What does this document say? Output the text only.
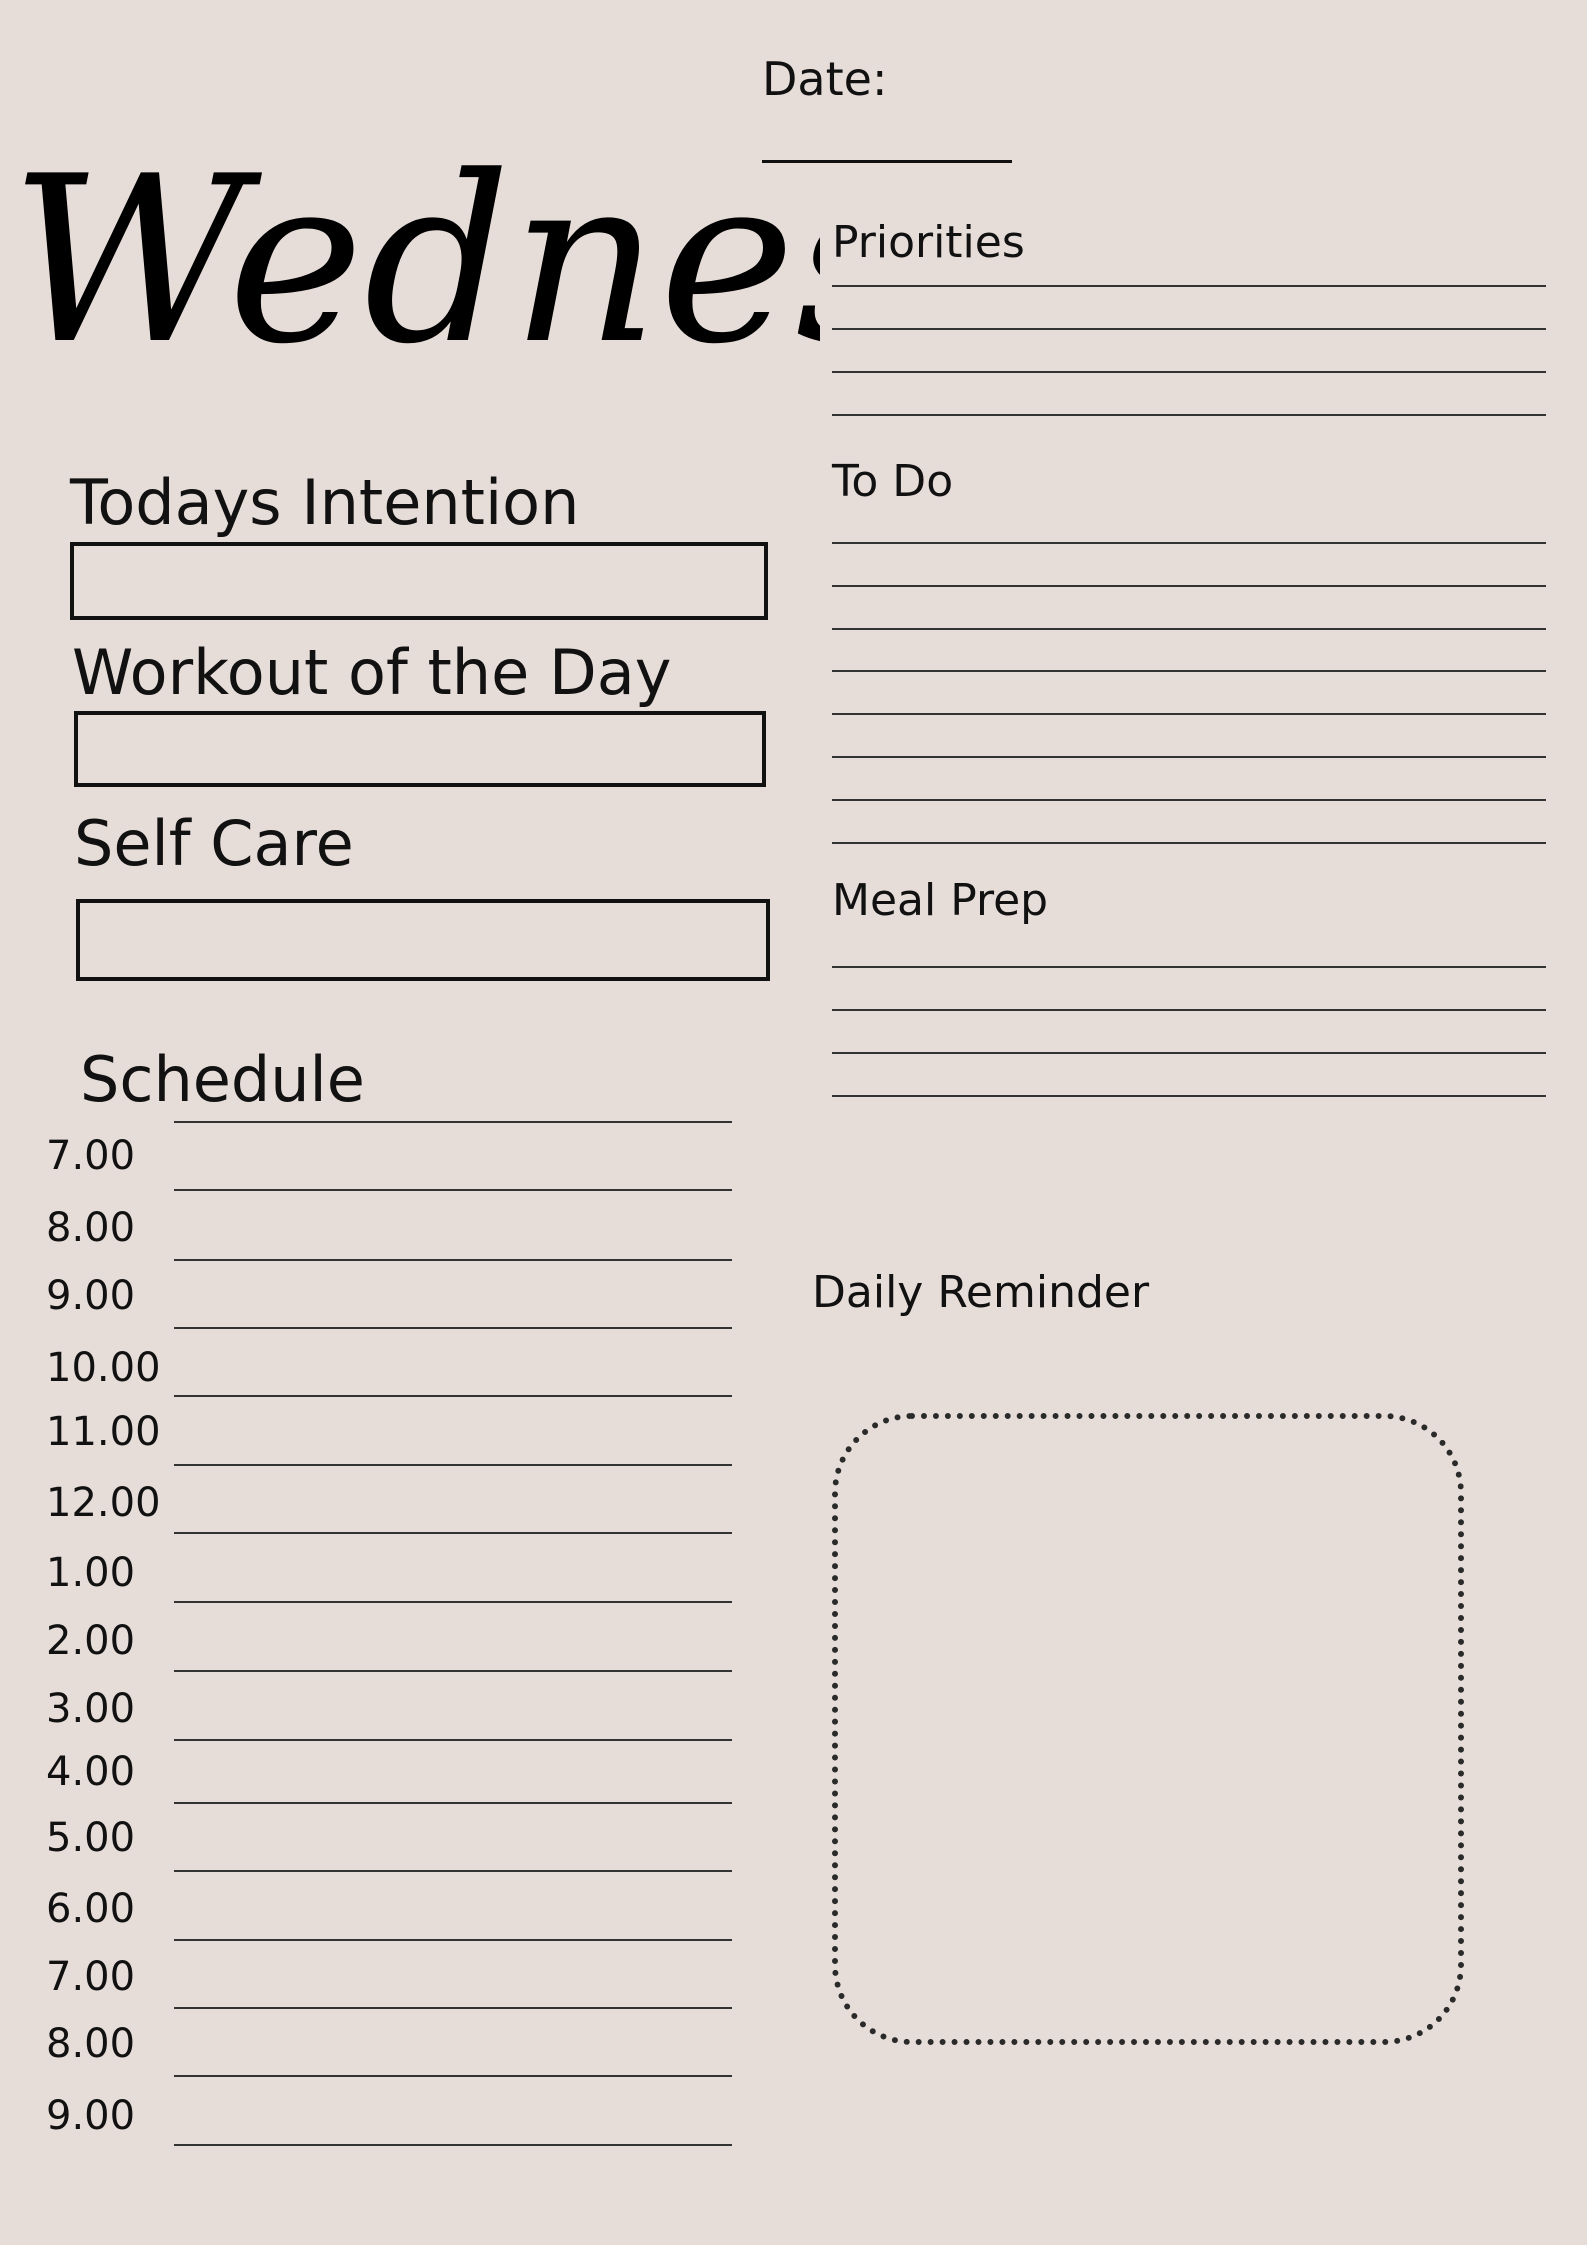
Wedne
Date:
Priorities
To Do
Meal Prep
Daily Reminder
Todays Intention
Workout of the Day
Self Care
Schedule
7.00
8.00
9.00
10.00
11.00
12.00
1.00
2.00
3.00
4.00
5.00
6.00
7.00
8.00
9.00
